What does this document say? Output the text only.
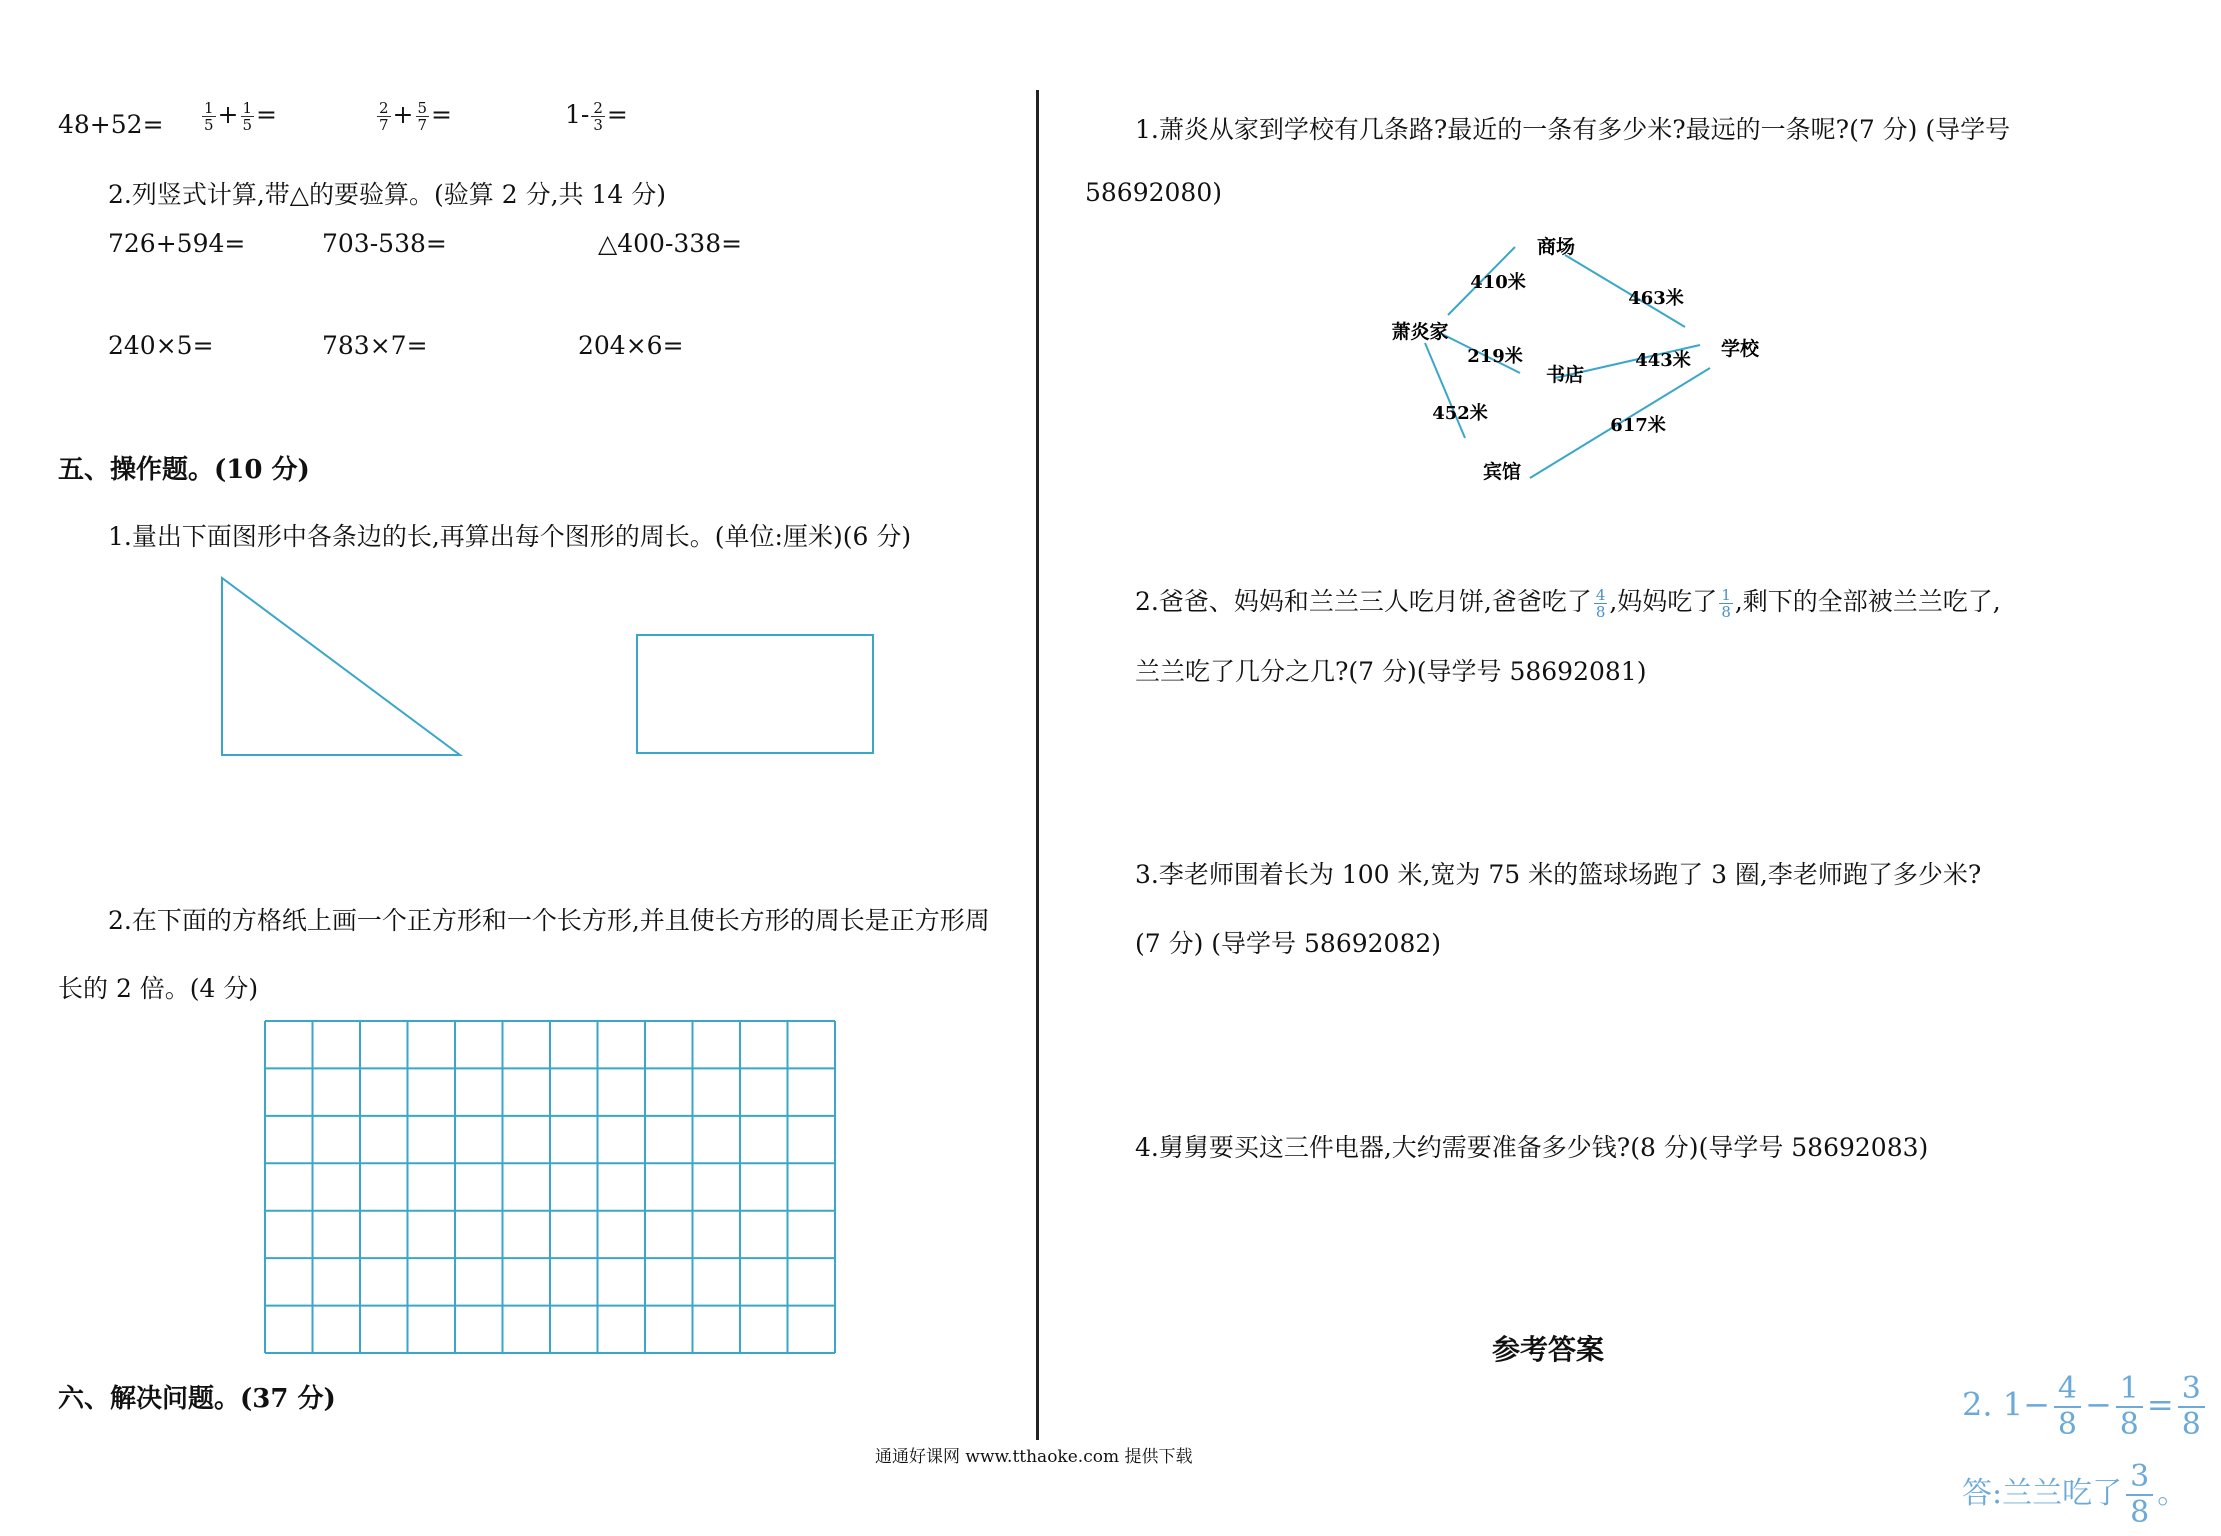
48+52=	$\frac{1}{5} + \frac{1}{5}$ =	$\frac{2}{7} + \frac{5}{7}$ =	$1- \frac{2}{3}$ =
2.列竖式计算,带△的要验算。(验算 2 分,共 14 分)
726+594=	703-538=	△400-338=
240×5=	783×7=	204×6=
五、操作题。(10 分)
1.量出下面图形中各条边的长,再算出每个图形的周长。(单位:厘米)(6 分)
2.在下面的方格纸上画一个正方形和一个长方形,并且使长方形的周长是正方形周
长的 2 倍。(4 分)
六、解决问题。(37 分)
1.萧炎从家到学校有几条路?最近的一条有多少米?最远的一条呢?(7 分) (导学号
58692080)
商场
萧炎家
书店
学校
宾馆
410米
463米
219米	443米
452米
617米
2.爸爸、妈妈和兰兰三人吃月饼,爸爸吃了 $\frac{4}{8}$ ,妈妈吃了 $\frac{1}{8}$ ,剩下的全部被兰兰吃了,
兰兰吃了几分之几?(7 分)(导学号 58692081)
3.李老师围着长为 100 米,宽为 75 米的篮球场跑了 3 圈,李老师跑了多少米?
(7 分) (导学号 58692082)
4.舅舅要买这三件电器,大约需要准备多少钱?(8 分)(导学号 58692083)
参考答案
2. $1- \frac{4}{8} - \frac{1}{8} = \frac{3}{8}$
答:兰兰吃了 $\frac{3}{8}$ 。
通通好课网 www.tthaoke.com 提供下载
